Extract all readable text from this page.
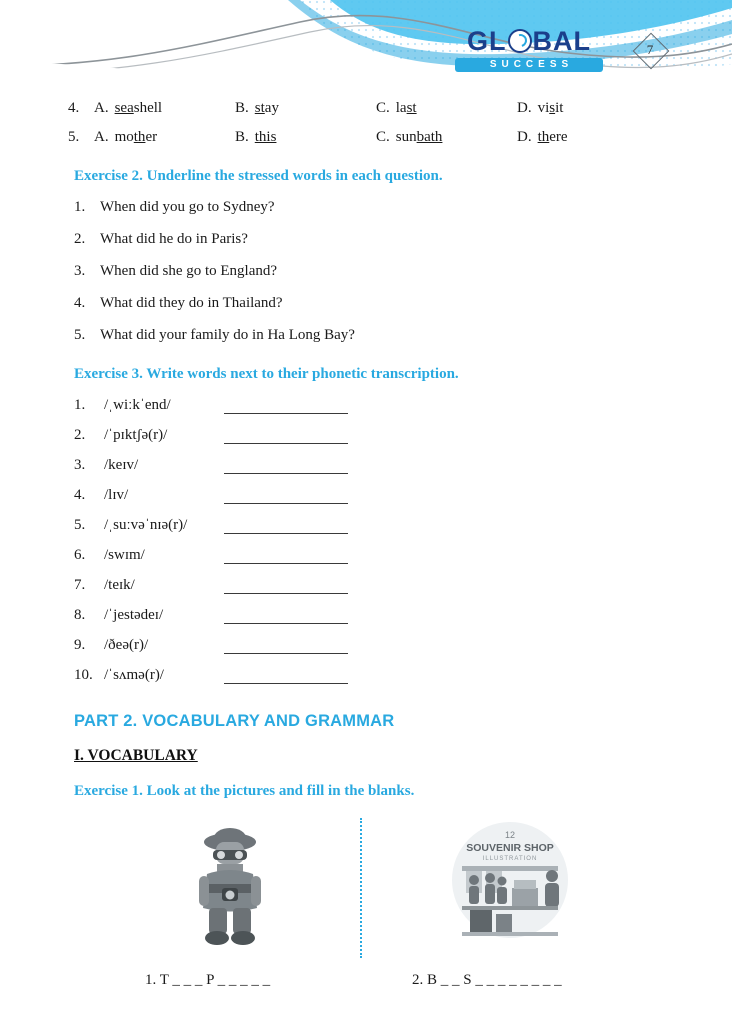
GL BAL
SUCCESS
7
4. A. seashell	B. stay	C. last	D. visit
5. A. mother	B. this	C. sunbath	D. there
Exercise 2. Underline the stressed words in each question.
1. When did you go to Sydney?
2. What did he do in Paris?
3. When did she go to England?
4. What did they do in Thailand?
5. What did your family do in Ha Long Bay?
Exercise 3. Write words next to their phonetic transcription.
1.	/ˌwiːkˈend/
2.	/ˈpɪktʃə(r)/
3.	/keɪv/
4.	/lɪv/
5.	/ˌsuːvəˈnɪə(r)/
6.	/swɪm/
7.	/teɪk/
8.	/ˈjestədeɪ/
9.	/ðeə(r)/
10. /ˈsʌmə(r)/
PART 2. VOCABULARY AND GRAMMAR
I. VOCABULARY
Exercise 1. Look at the pictures and fill in the blanks.
12
SOUVENIR SHOP
ILLUSTRATION
1. T _ _ _ P _ _ _ _ _	2. B _ _ S _ _ _ _ _ _ _ _
